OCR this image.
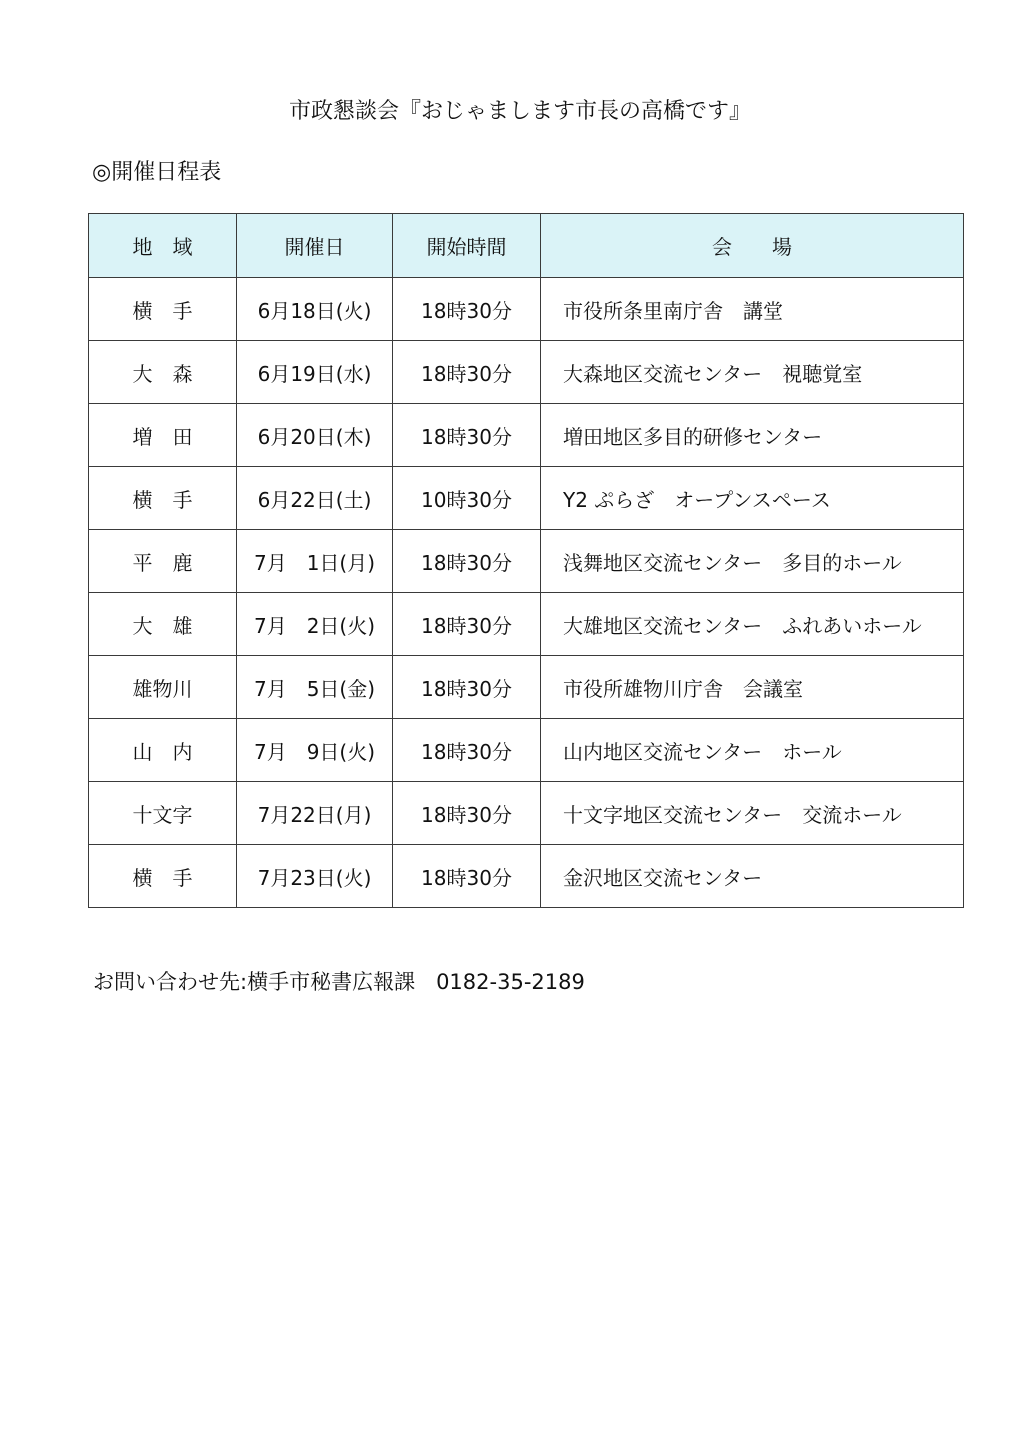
市政懇談会『おじゃまします市長の高橋です』
◎開催日程表
地　域	開催日	開始時間	会　　場
横　手	6月18日(火)	18時30分	市役所条里南庁舎　講堂
大　森	6月19日(水)	18時30分	大森地区交流センター　視聴覚室
増　田	6月20日(木)	18時30分	増田地区多目的研修センター
横　手	6月22日(土)	10時30分	Y2 ぷらざ　オープンスペース
平　鹿	7月　1日(月)	18時30分	浅舞地区交流センター　多目的ホール
大　雄	7月　2日(火)	18時30分	大雄地区交流センター　ふれあいホール
雄物川	7月　5日(金)	18時30分	市役所雄物川庁舎　会議室
山　内	7月　9日(火)	18時30分	山内地区交流センター　ホール
十文字	7月22日(月)	18時30分	十文字地区交流センター　交流ホール
横　手	7月23日(火)	18時30分	金沢地区交流センター
お問い合わせ先:横手市秘書広報課　0182-35-2189
